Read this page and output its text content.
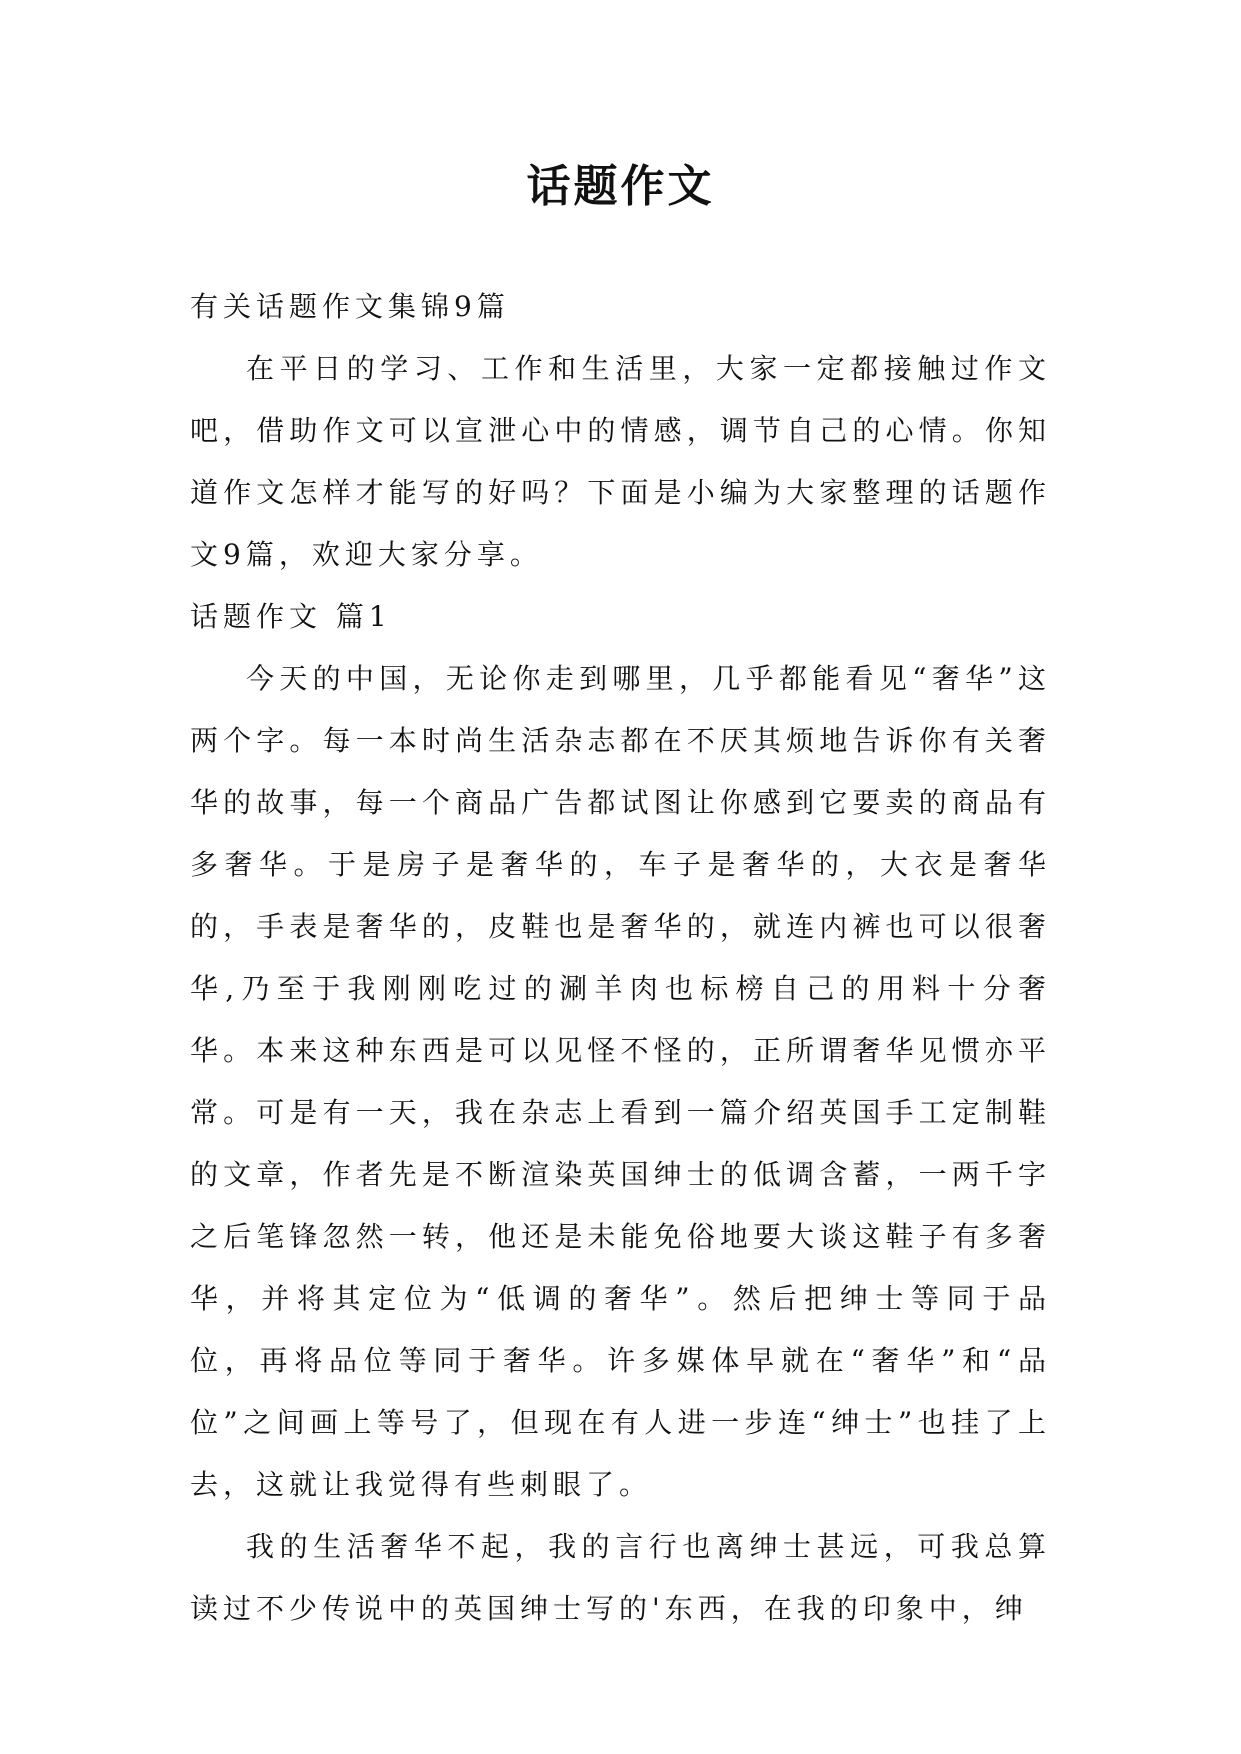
话题作文

有关话题作文集锦9篇

在平日的学习、工作和生活里，大家一定都接触过作文吧，借助作文可以宣泄心中的情感，调节自己的心情。你知道作文怎样才能写的好吗？下面是小编为大家整理的话题作文9篇，欢迎大家分享。

话题作文 篇1

今天的中国，无论你走到哪里，几乎都能看见“奢华”这两个字。每一本时尚生活杂志都在不厌其烦地告诉你有关奢华的故事，每一个商品广告都试图让你感到它要卖的商品有多奢华。于是房子是奢华的，车子是奢华的，大衣是奢华的，手表是奢华的，皮鞋也是奢华的，就连内裤也可以很奢华,乃至于我刚刚吃过的涮羊肉也标榜自己的用料十分奢华。本来这种东西是可以见怪不怪的，正所谓奢华见惯亦平常。可是有一天，我在杂志上看到一篇介绍英国手工定制鞋的文章，作者先是不断渲染英国绅士的低调含蓄，一两千字之后笔锋忽然一转，他还是未能免俗地要大谈这鞋子有多奢华，并将其定位为“低调的奢华”。然后把绅士等同于品位，再将品位等同于奢华。许多媒体早就在“奢华”和“品位”之间画上等号了，但现在有人进一步连“绅士”也挂了上去，这就让我觉得有些刺眼了。

我的生活奢华不起，我的言行也离绅士甚远，可我总算读过不少传说中的英国绅士写的'东西，在我的印象中，绅
